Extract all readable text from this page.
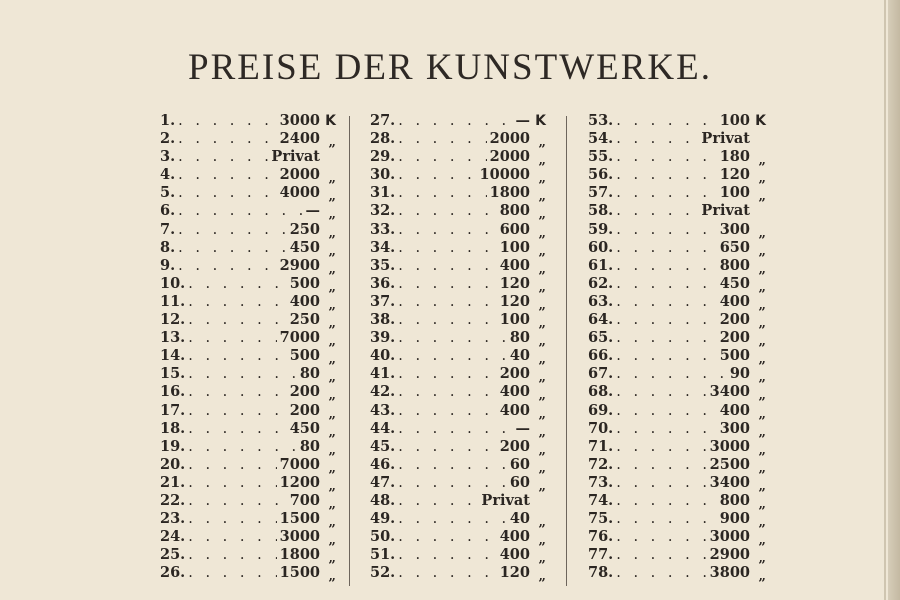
PREISE DER KUNSTWERKE.
1. . . .	3000 K
2. . . .	2400 „
3. . . .	Privat
4. . . .	2000 „
5. . . .	4000 „
6. . . .	— „
7. . . .	250 „
8. . . .	450 „
9. . . .	2900 „
10. . . .	500 „
11. . . .	400 „
12. . . .	250 „
13. . . .	7000 „
14. . . .	500 „
15. . . .	80 „
16. . . .	200 „
17. . . .	200 „
18. . . .	450 „
19. . . .	80 „
20. . . .	7000 „
21. . . .	1200 „
22. . . .	700 „
23. . . .	1500 „
24. . . .	3000 „
25. . . .	1800 „
26. . . .	1500 „
27. . . .	— K
28. . . .	2000 „
29. . . .	2000 „
30. . . .	10000 „
31. . . .	1800 „
32. . . .	800 „
33. . . .	600 „
34. . . .	100 „
35. . . .	400 „
36. . . .	120 „
37. . . .	120 „
38. . . .	100 „
39. . . .	80 „
40. . . .	40 „
41. . . .	200 „
42. . . .	400 „
43. . . .	400 „
44. . . .	— „
45. . . .	200 „
46. . . .	60 „
47. . . .	60 „
48. . . .	Privat
49. . . .	40 „
50. . . .	400 „
51. . . .	400 „
52. . . .	120 „
53. . . .	100 K
54. . . .	Privat
55. . . .	180 „
56. . . .	120 „
57. . . .	100 „
58. . . .	Privat
59. . . .	300 „
60. . . .	650 „
61. . . .	800 „
62. . . .	450 „
63. . . .	400 „
64. . . .	200 „
65. . . .	200 „
66. . . .	500 „
67. . . .	90 „
68. . . .	3400 „
69. . . .	400 „
70. . . .	300 „
71. . . .	3000 „
72. . . .	2500 „
73. . . .	3400 „
74. . . .	800 „
75. . . .	900 „
76. . . .	3000 „
77. . . .	2900 „
78. . . .	3800 „
